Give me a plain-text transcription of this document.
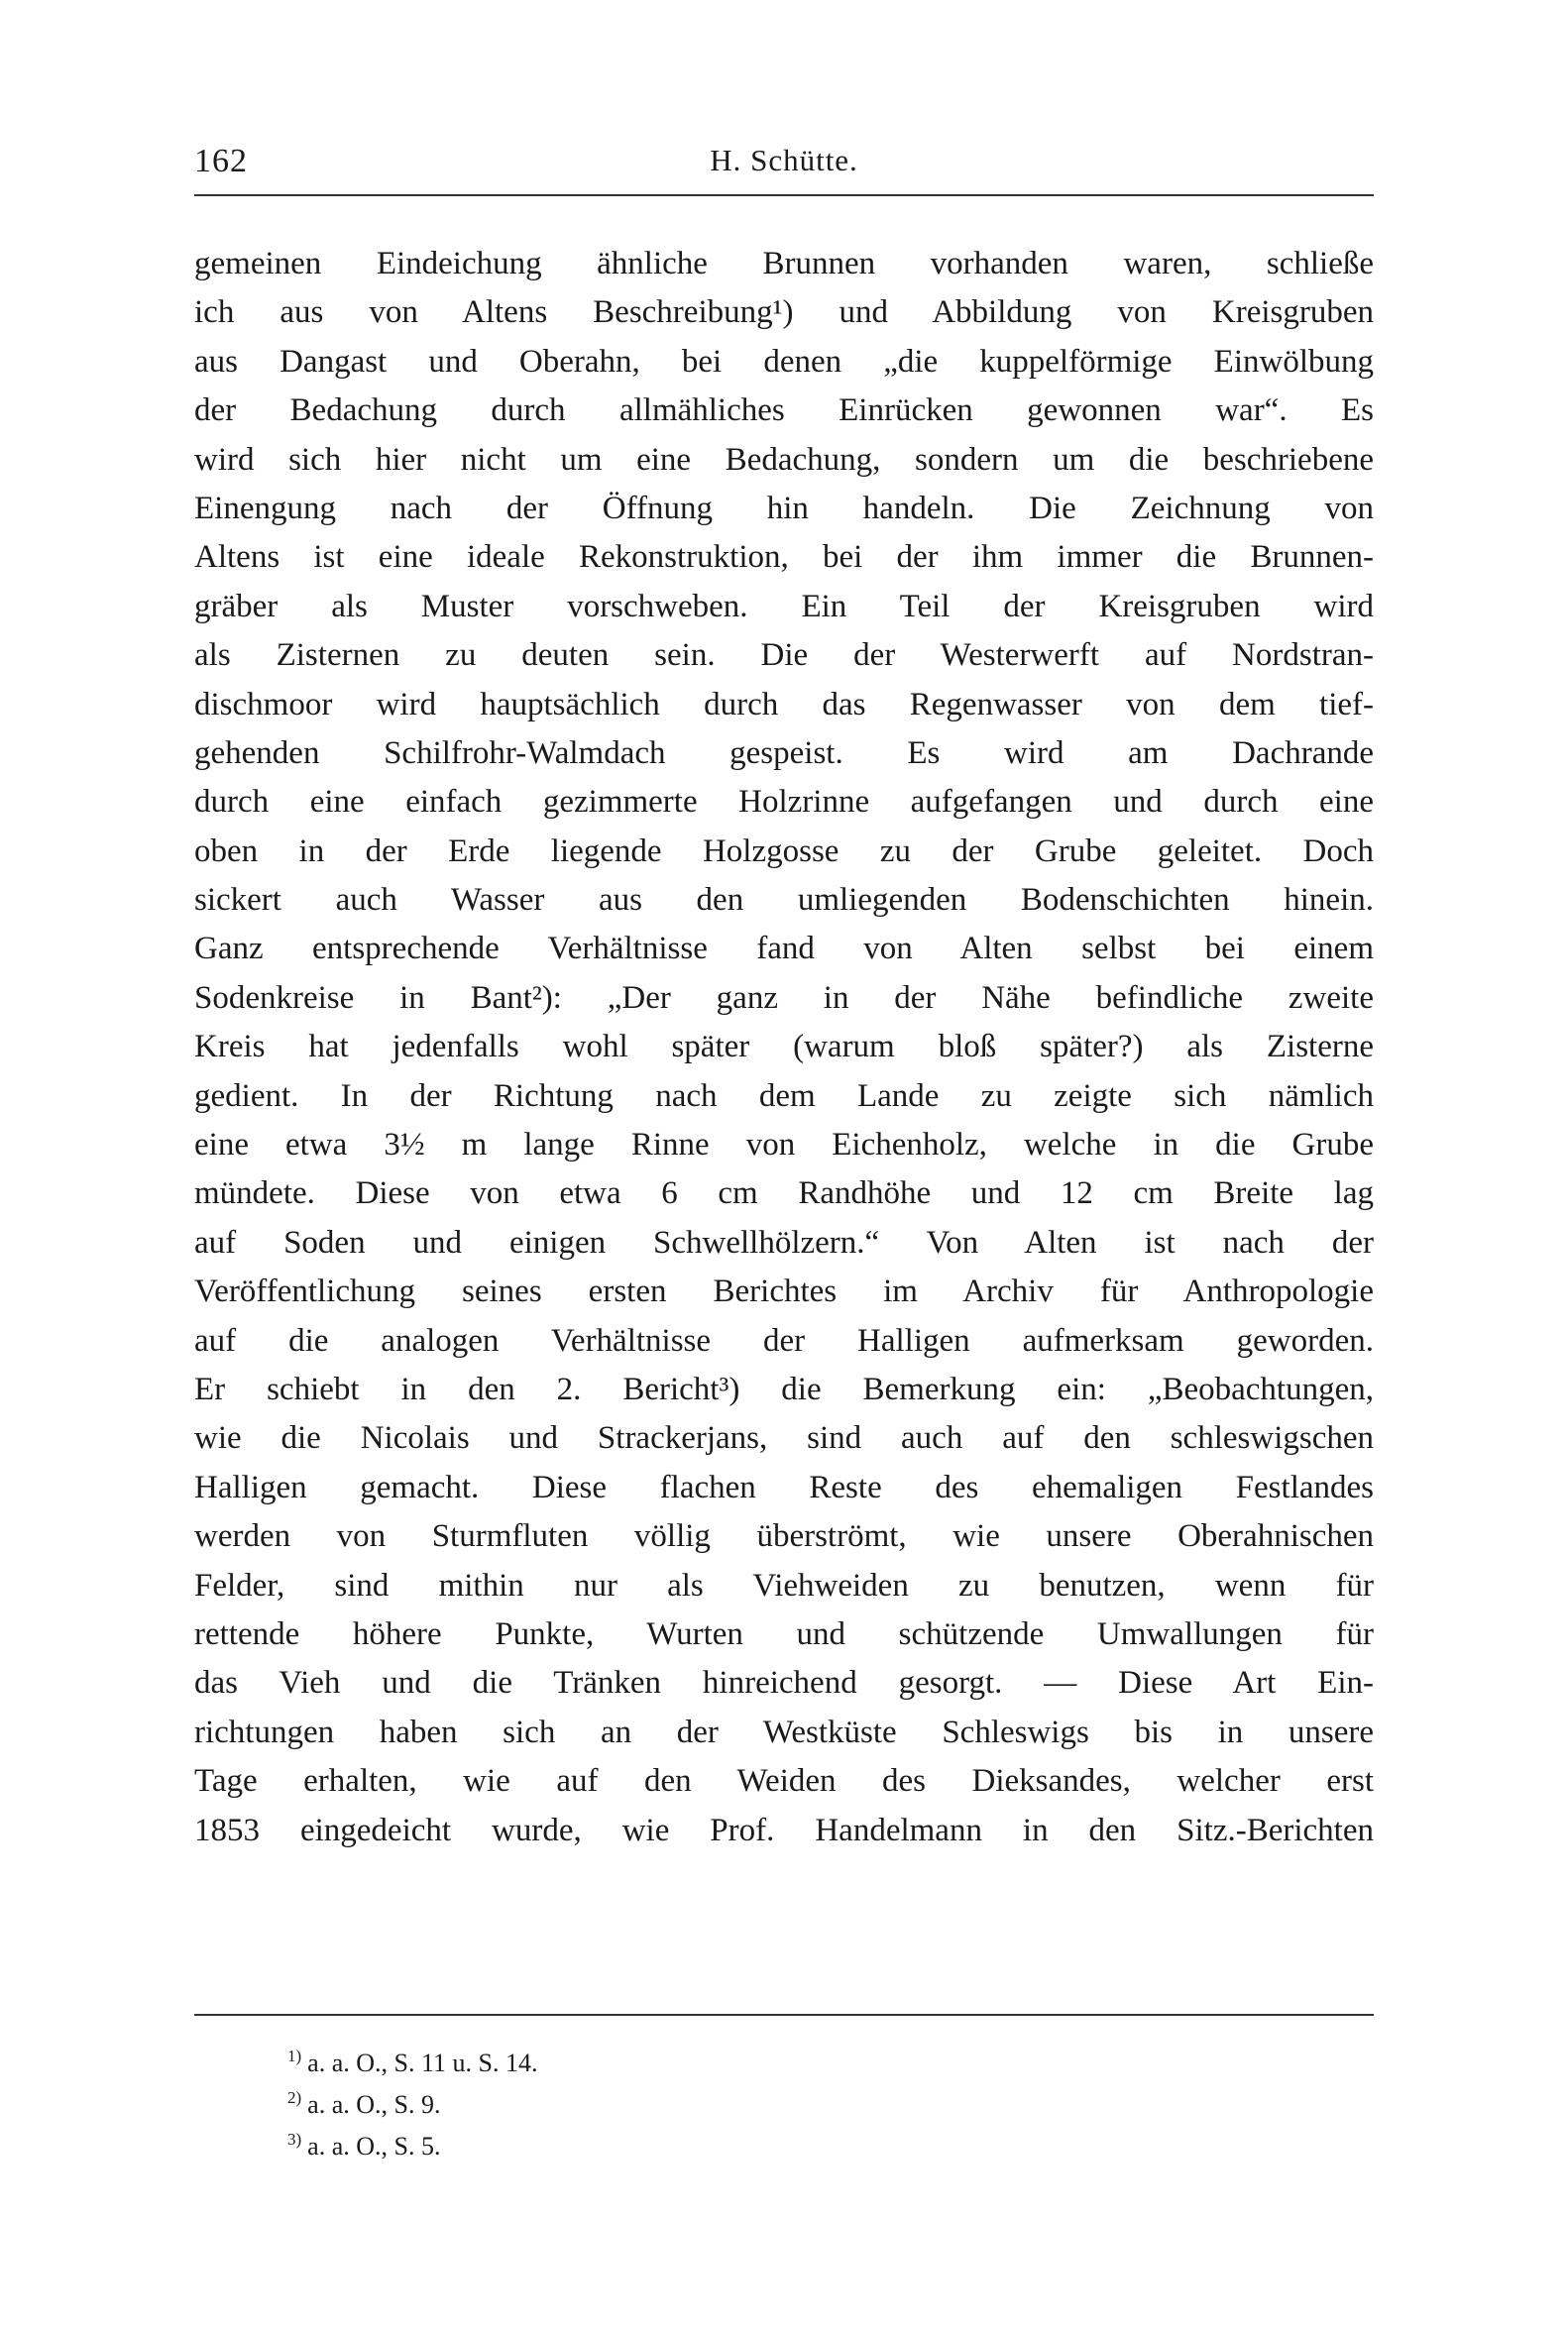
162	H. Schütte.
gemeinen Eindeichung ähnliche Brunnen vorhanden waren, schließe
ich aus von Altens Beschreibung¹) und Abbildung von Kreisgruben
aus Dangast und Oberahn, bei denen „die kuppelförmige Einwölbung
der Bedachung durch allmähliches Einrücken gewonnen war“. Es
wird sich hier nicht um eine Bedachung, sondern um die beschriebene
Einengung nach der Öffnung hin handeln. Die Zeichnung von
Altens ist eine ideale Rekonstruktion, bei der ihm immer die Brunnen-
gräber als Muster vorschweben. Ein Teil der Kreisgruben wird
als Zisternen zu deuten sein. Die der Westerwerft auf Nordstran-
dischmoor wird hauptsächlich durch das Regenwasser von dem tief-
gehenden Schilfrohr-Walmdach gespeist. Es wird am Dachrande
durch eine einfach gezimmerte Holzrinne aufgefangen und durch eine
oben in der Erde liegende Holzgosse zu der Grube geleitet. Doch
sickert auch Wasser aus den umliegenden Bodenschichten hinein.
Ganz entsprechende Verhältnisse fand von Alten selbst bei einem
Sodenkreise in Bant²): „Der ganz in der Nähe befindliche zweite
Kreis hat jedenfalls wohl später (warum bloß später?) als Zisterne
gedient. In der Richtung nach dem Lande zu zeigte sich nämlich
eine etwa 3½ m lange Rinne von Eichenholz, welche in die Grube
mündete. Diese von etwa 6 cm Randhöhe und 12 cm Breite lag
auf Soden und einigen Schwellhölzern.“ Von Alten ist nach der
Veröffentlichung seines ersten Berichtes im Archiv für Anthropologie
auf die analogen Verhältnisse der Halligen aufmerksam geworden.
Er schiebt in den 2. Bericht³) die Bemerkung ein: „Beobachtungen,
wie die Nicolais und Strackerjans, sind auch auf den schleswigschen
Halligen gemacht. Diese flachen Reste des ehemaligen Festlandes
werden von Sturmfluten völlig überströmt, wie unsere Oberahnischen
Felder, sind mithin nur als Viehweiden zu benutzen, wenn für
rettende höhere Punkte, Wurten und schützende Umwallungen für
das Vieh und die Tränken hinreichend gesorgt. — Diese Art Ein-
richtungen haben sich an der Westküste Schleswigs bis in unsere
Tage erhalten, wie auf den Weiden des Dieksandes, welcher erst
1853 eingedeicht wurde, wie Prof. Handelmann in den Sitz.-Berichten
$^{1)}$ a. a. O., S. 11 u. S. 14.
$^{2)}$ a. a. O., S. 9.
$^{3)}$ a. a. O., S. 5.
